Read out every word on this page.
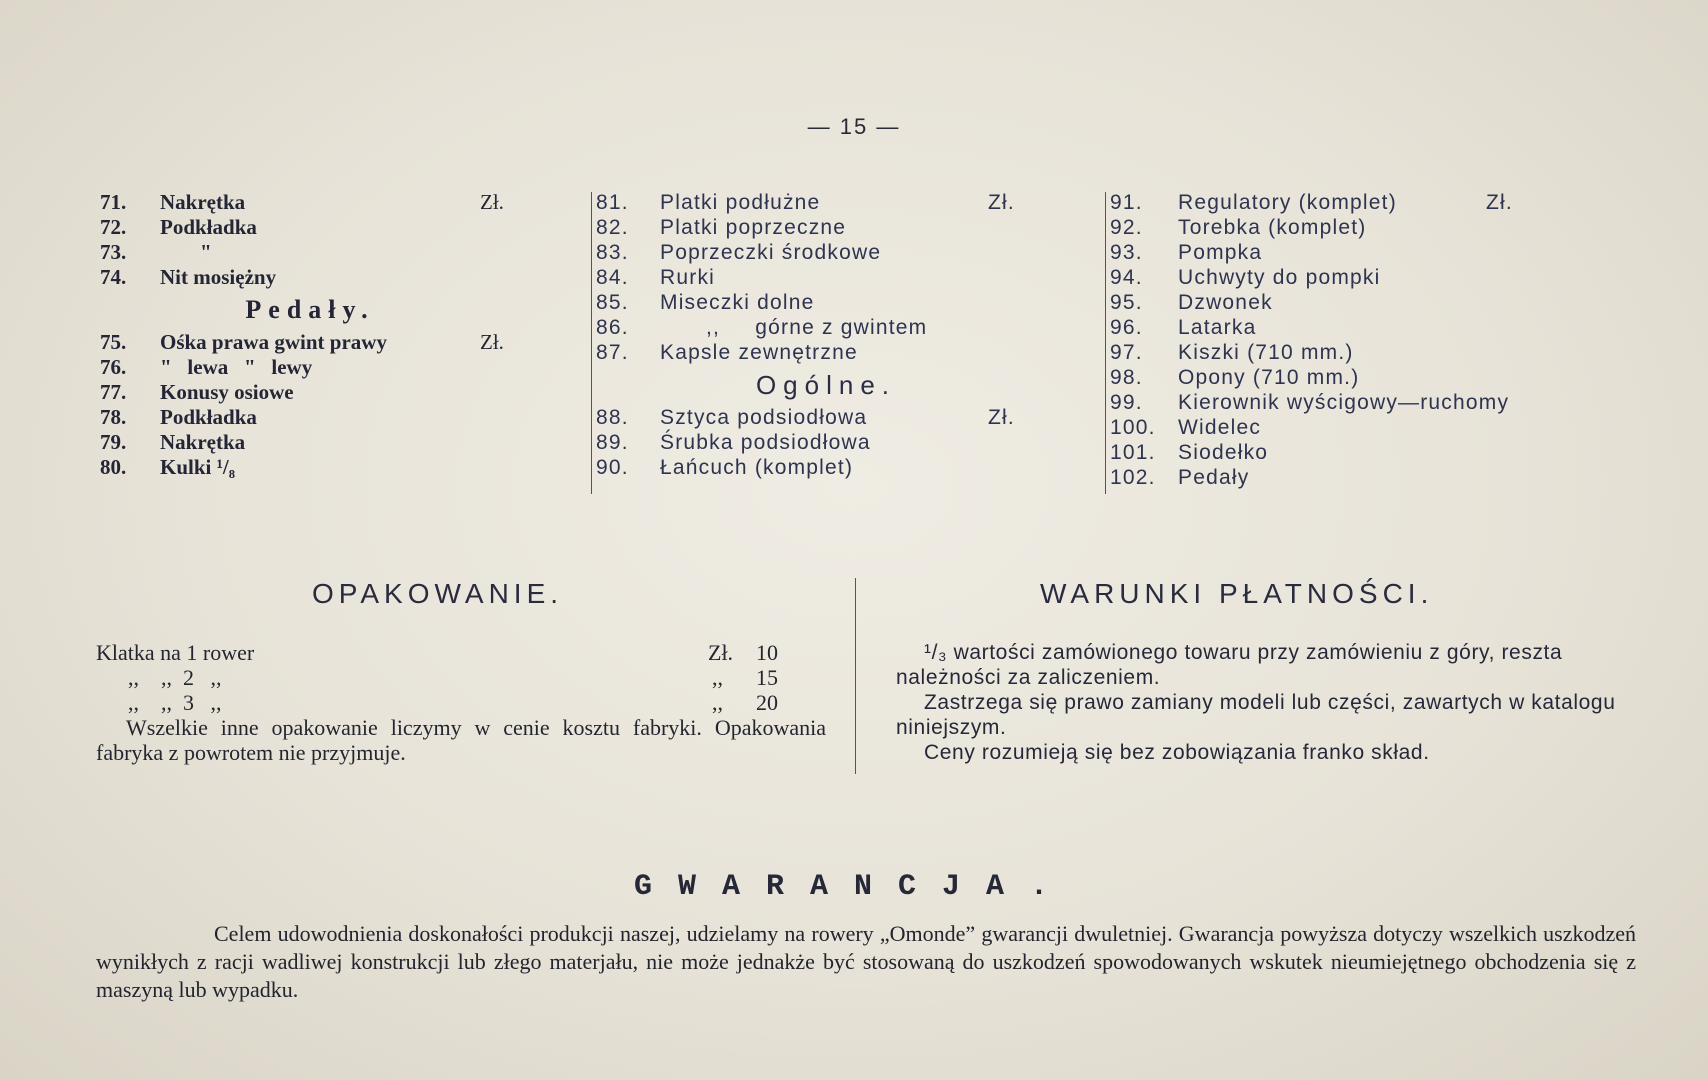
— 15 —
71. Nakrętka	Zł.
72. Podkładka
73.	"
74. Nit mosiężny
Pedały.
75. Ośka prawa gwint prawy	Zł.
76. "   lewa   "   lewy
77. Konusy osiowe
78. Podkładka
79. Nakrętka
80. Kulki ¹/₈
81. Platki podłużne	Zł.
82. Platki poprzeczne
83. Poprzeczki środkowe
84. Rurki
85. Miseczki dolne
86.	,,     górne z gwintem
87. Kapsle zewnętrzne
Ogólne.
88. Sztyca podsiodłowa	Zł.
89. Śrubka podsiodłowa
90. Łańcuch (komplet)
91. Regulatory (komplet)	Zł.
92. Torebka (komplet)
93. Pompka
94. Uchwyty do pompki
95. Dzwonek
96. Latarka
97. Kiszki (710 mm.)
98. Opony (710 mm.)
99. Kierownik wyścigowy—ruchomy
100. Widelec
101. Siodełko
102. Pedały
OPAKOWANIE.
Klatka na 1 rower	Zł. 10
,,    ,,  2   ,,	,, 15
,,    ,,  3   ,,	,, 20
Wszelkie inne opakowanie liczymy w cenie kosztu fabryki. Opakowania fabryka z powrotem nie przyjmuje.
WARUNKI PŁATNOŚCI.

¹/₃ wartości zamówionego towaru przy zamówieniu z góry, reszta należności za zaliczeniem.

Zastrzega się prawo zamiany modeli lub części, zawartych w katalogu niniejszym.

Ceny rozumieją się bez zobowiązania franko skład.

GWARANCJA.
Celem udowodnienia doskonałości produkcji naszej, udzielamy na rowery „Omonde” gwarancji dwuletniej. Gwarancja powyższa dotyczy wszelkich uszkodzeń wynikłych z racji wadliwej konstrukcji lub złego materjału, nie może jednakże być stosowaną do uszkodzeń spowodowanych wskutek nieumiejętnego obchodzenia się z maszyną lub wypadku.
